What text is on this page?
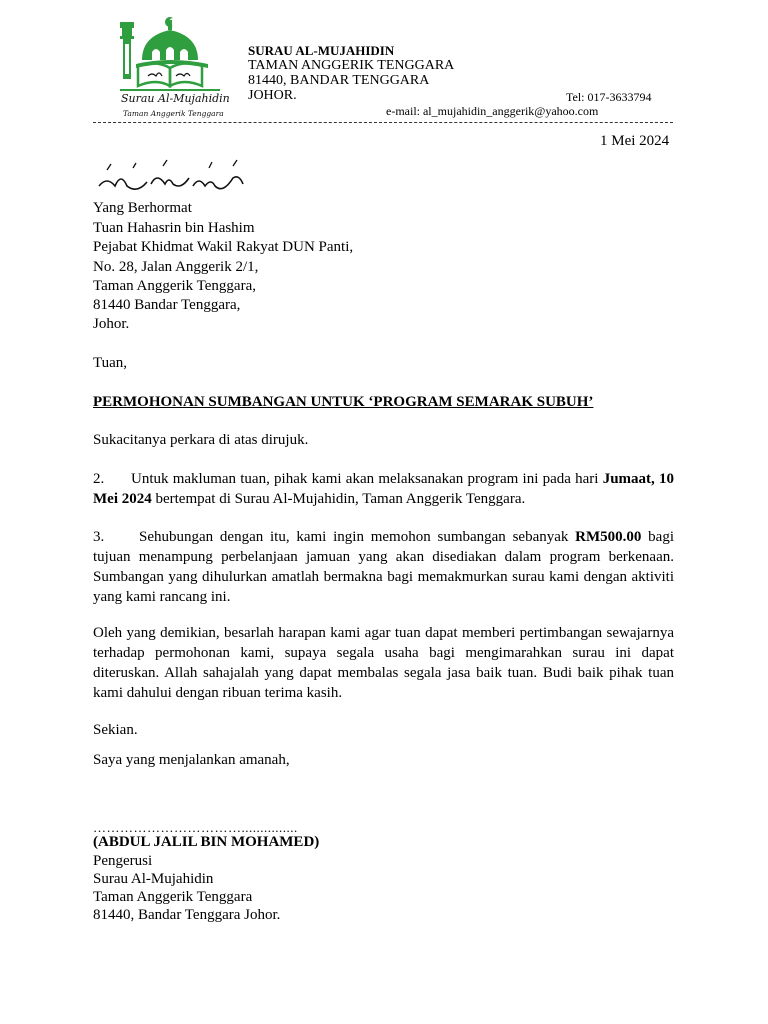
Surau Al-Mujahidin
Taman Anggerik Tenggara
SURAU AL-MUJAHIDIN
TAMAN ANGGERIK TENGGARA
81440, BANDAR TENGGARA
JOHOR.	Tel: 017-3633794
e-mail: al_mujahidin_anggerik@yahoo.com
1 Mei 2024
Yang Berhormat
Tuan Hahasrin bin Hashim
Pejabat Khidmat Wakil Rakyat DUN Panti,
No. 28, Jalan Anggerik 2/1,
Taman Anggerik Tenggara,
81440 Bandar Tenggara,
Johor.
Tuan,
PERMOHONAN SUMBANGAN UNTUK ‘PROGRAM SEMARAK SUBUH’
Sukacitanya perkara di atas dirujuk.
2. Untuk makluman tuan, pihak kami akan melaksanakan program ini pada hari Jumaat, 10 Mei 2024 bertempat di Surau Al-Mujahidin, Taman Anggerik Tenggara.
3. Sehubungan dengan itu, kami ingin memohon sumbangan sebanyak RM500.00 bagi tujuan menampung perbelanjaan jamuan yang akan disediakan dalam program berkenaan. Sumbangan yang dihulurkan amatlah bermakna bagi memakmurkan surau kami dengan aktiviti yang kami rancang ini.
Oleh yang demikian, besarlah harapan kami agar tuan dapat memberi pertimbangan sewajarnya terhadap permohonan kami, supaya segala usaha bagi mengimarahkan surau ini dapat diteruskan. Allah sahajalah yang dapat membalas segala jasa baik tuan. Budi baik pihak tuan kami dahului dengan ribuan terima kasih.
Sekian.
Saya yang menjalankan amanah,
……………………………...............
(ABDUL JALIL BIN MOHAMED)
Pengerusi
Surau Al-Mujahidin
Taman Anggerik Tenggara
81440, Bandar Tenggara Johor.
